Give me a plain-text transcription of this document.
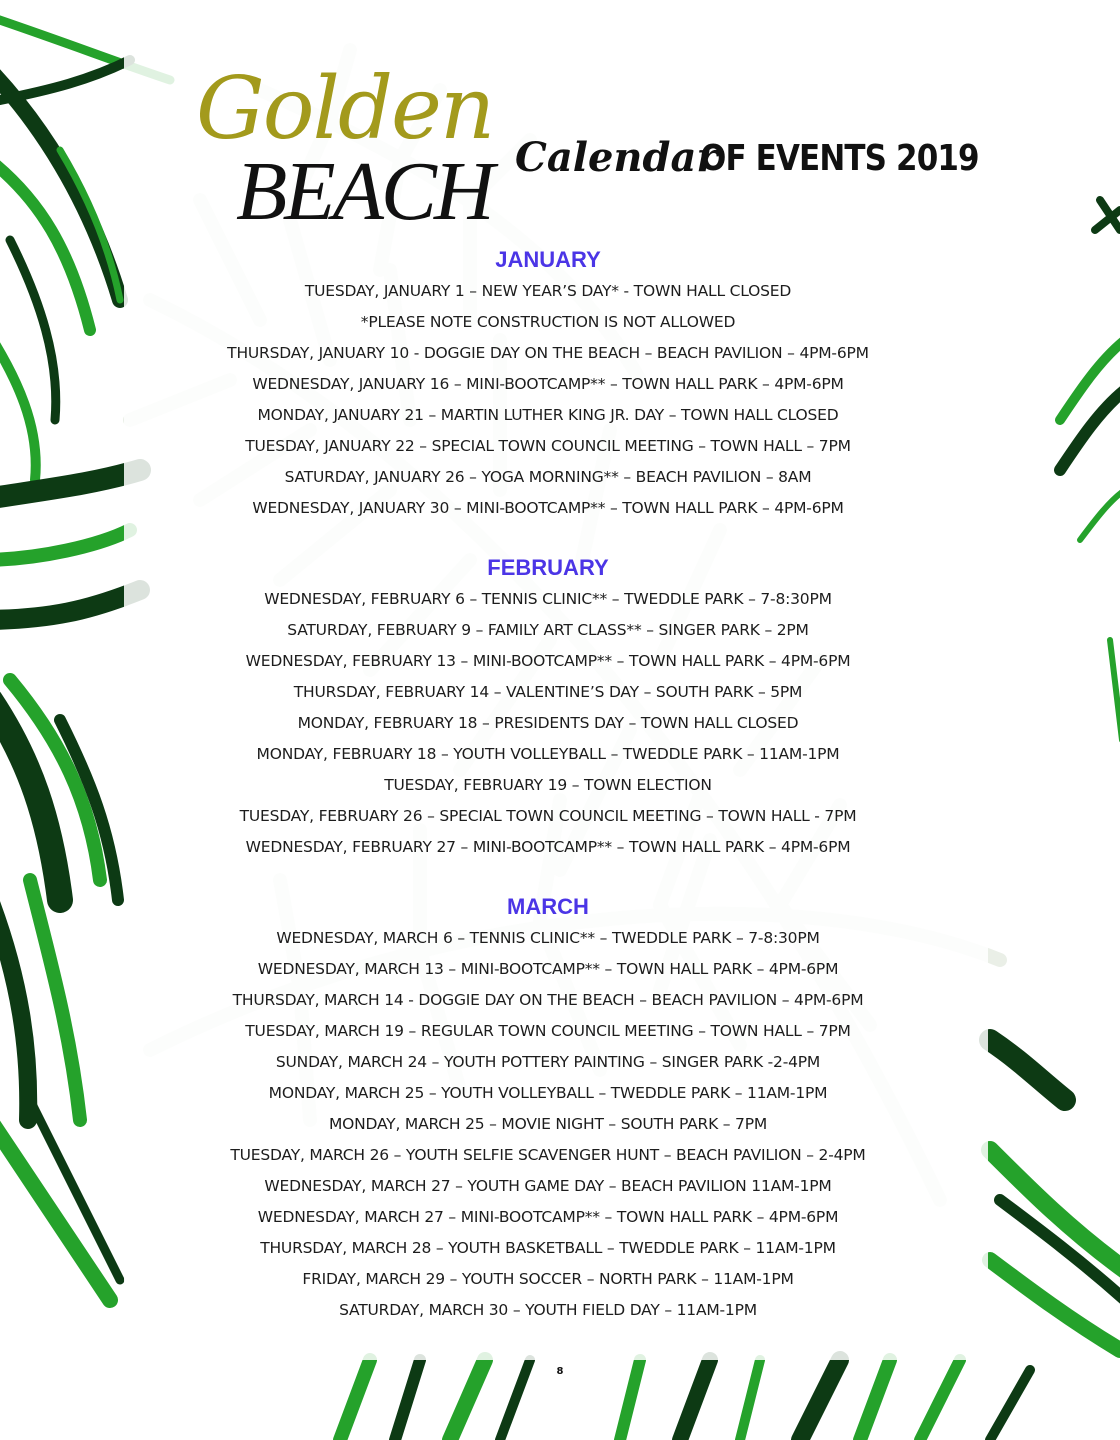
Golden
BEACH Calendar
OF EVENTS 2019
JANUARY
TUESDAY, JANUARY 1 – NEW YEAR’S DAY* - TOWN HALL CLOSED
*PLEASE NOTE CONSTRUCTION IS NOT ALLOWED
THURSDAY, JANUARY 10 - DOGGIE DAY ON THE BEACH – BEACH PAVILION – 4PM-6PM
WEDNESDAY, JANUARY 16 – MINI-BOOTCAMP** – TOWN HALL PARK – 4PM-6PM
MONDAY, JANUARY 21 – MARTIN LUTHER KING JR. DAY – TOWN HALL CLOSED
TUESDAY, JANUARY 22 – SPECIAL TOWN COUNCIL MEETING – TOWN HALL – 7PM
SATURDAY, JANUARY 26 – YOGA MORNING** – BEACH PAVILION – 8AM
WEDNESDAY, JANUARY 30 – MINI-BOOTCAMP** – TOWN HALL PARK – 4PM-6PM
FEBRUARY
WEDNESDAY, FEBRUARY 6 – TENNIS CLINIC** – TWEDDLE PARK – 7-8:30PM
SATURDAY, FEBRUARY 9 – FAMILY ART CLASS** – SINGER PARK – 2PM
WEDNESDAY, FEBRUARY 13 – MINI-BOOTCAMP** – TOWN HALL PARK – 4PM-6PM
THURSDAY, FEBRUARY 14 – VALENTINE’S DAY – SOUTH PARK – 5PM
MONDAY, FEBRUARY 18 – PRESIDENTS DAY – TOWN HALL CLOSED
MONDAY, FEBRUARY 18 – YOUTH VOLLEYBALL – TWEDDLE PARK – 11AM-1PM
TUESDAY, FEBRUARY 19 – TOWN ELECTION
TUESDAY, FEBRUARY 26 – SPECIAL TOWN COUNCIL MEETING – TOWN HALL - 7PM
WEDNESDAY, FEBRUARY 27 – MINI-BOOTCAMP** – TOWN HALL PARK – 4PM-6PM
MARCH
WEDNESDAY, MARCH 6 – TENNIS CLINIC** – TWEDDLE PARK – 7-8:30PM
WEDNESDAY, MARCH 13 – MINI-BOOTCAMP** – TOWN HALL PARK – 4PM-6PM
THURSDAY, MARCH 14 - DOGGIE DAY ON THE BEACH – BEACH PAVILION – 4PM-6PM
TUESDAY, MARCH 19 – REGULAR TOWN COUNCIL MEETING – TOWN HALL – 7PM
SUNDAY, MARCH 24 – YOUTH POTTERY PAINTING – SINGER PARK -2-4PM
MONDAY, MARCH 25 – YOUTH VOLLEYBALL – TWEDDLE PARK – 11AM-1PM
MONDAY, MARCH 25 – MOVIE NIGHT – SOUTH PARK – 7PM
TUESDAY, MARCH 26 – YOUTH SELFIE SCAVENGER HUNT – BEACH PAVILION – 2-4PM
WEDNESDAY, MARCH 27 – YOUTH GAME DAY – BEACH PAVILION 11AM-1PM
WEDNESDAY, MARCH 27 – MINI-BOOTCAMP** – TOWN HALL PARK – 4PM-6PM
THURSDAY, MARCH 28 – YOUTH BASKETBALL – TWEDDLE PARK – 11AM-1PM
FRIDAY, MARCH 29 – YOUTH SOCCER – NORTH PARK – 11AM-1PM
SATURDAY, MARCH 30 – YOUTH FIELD DAY – 11AM-1PM
8
